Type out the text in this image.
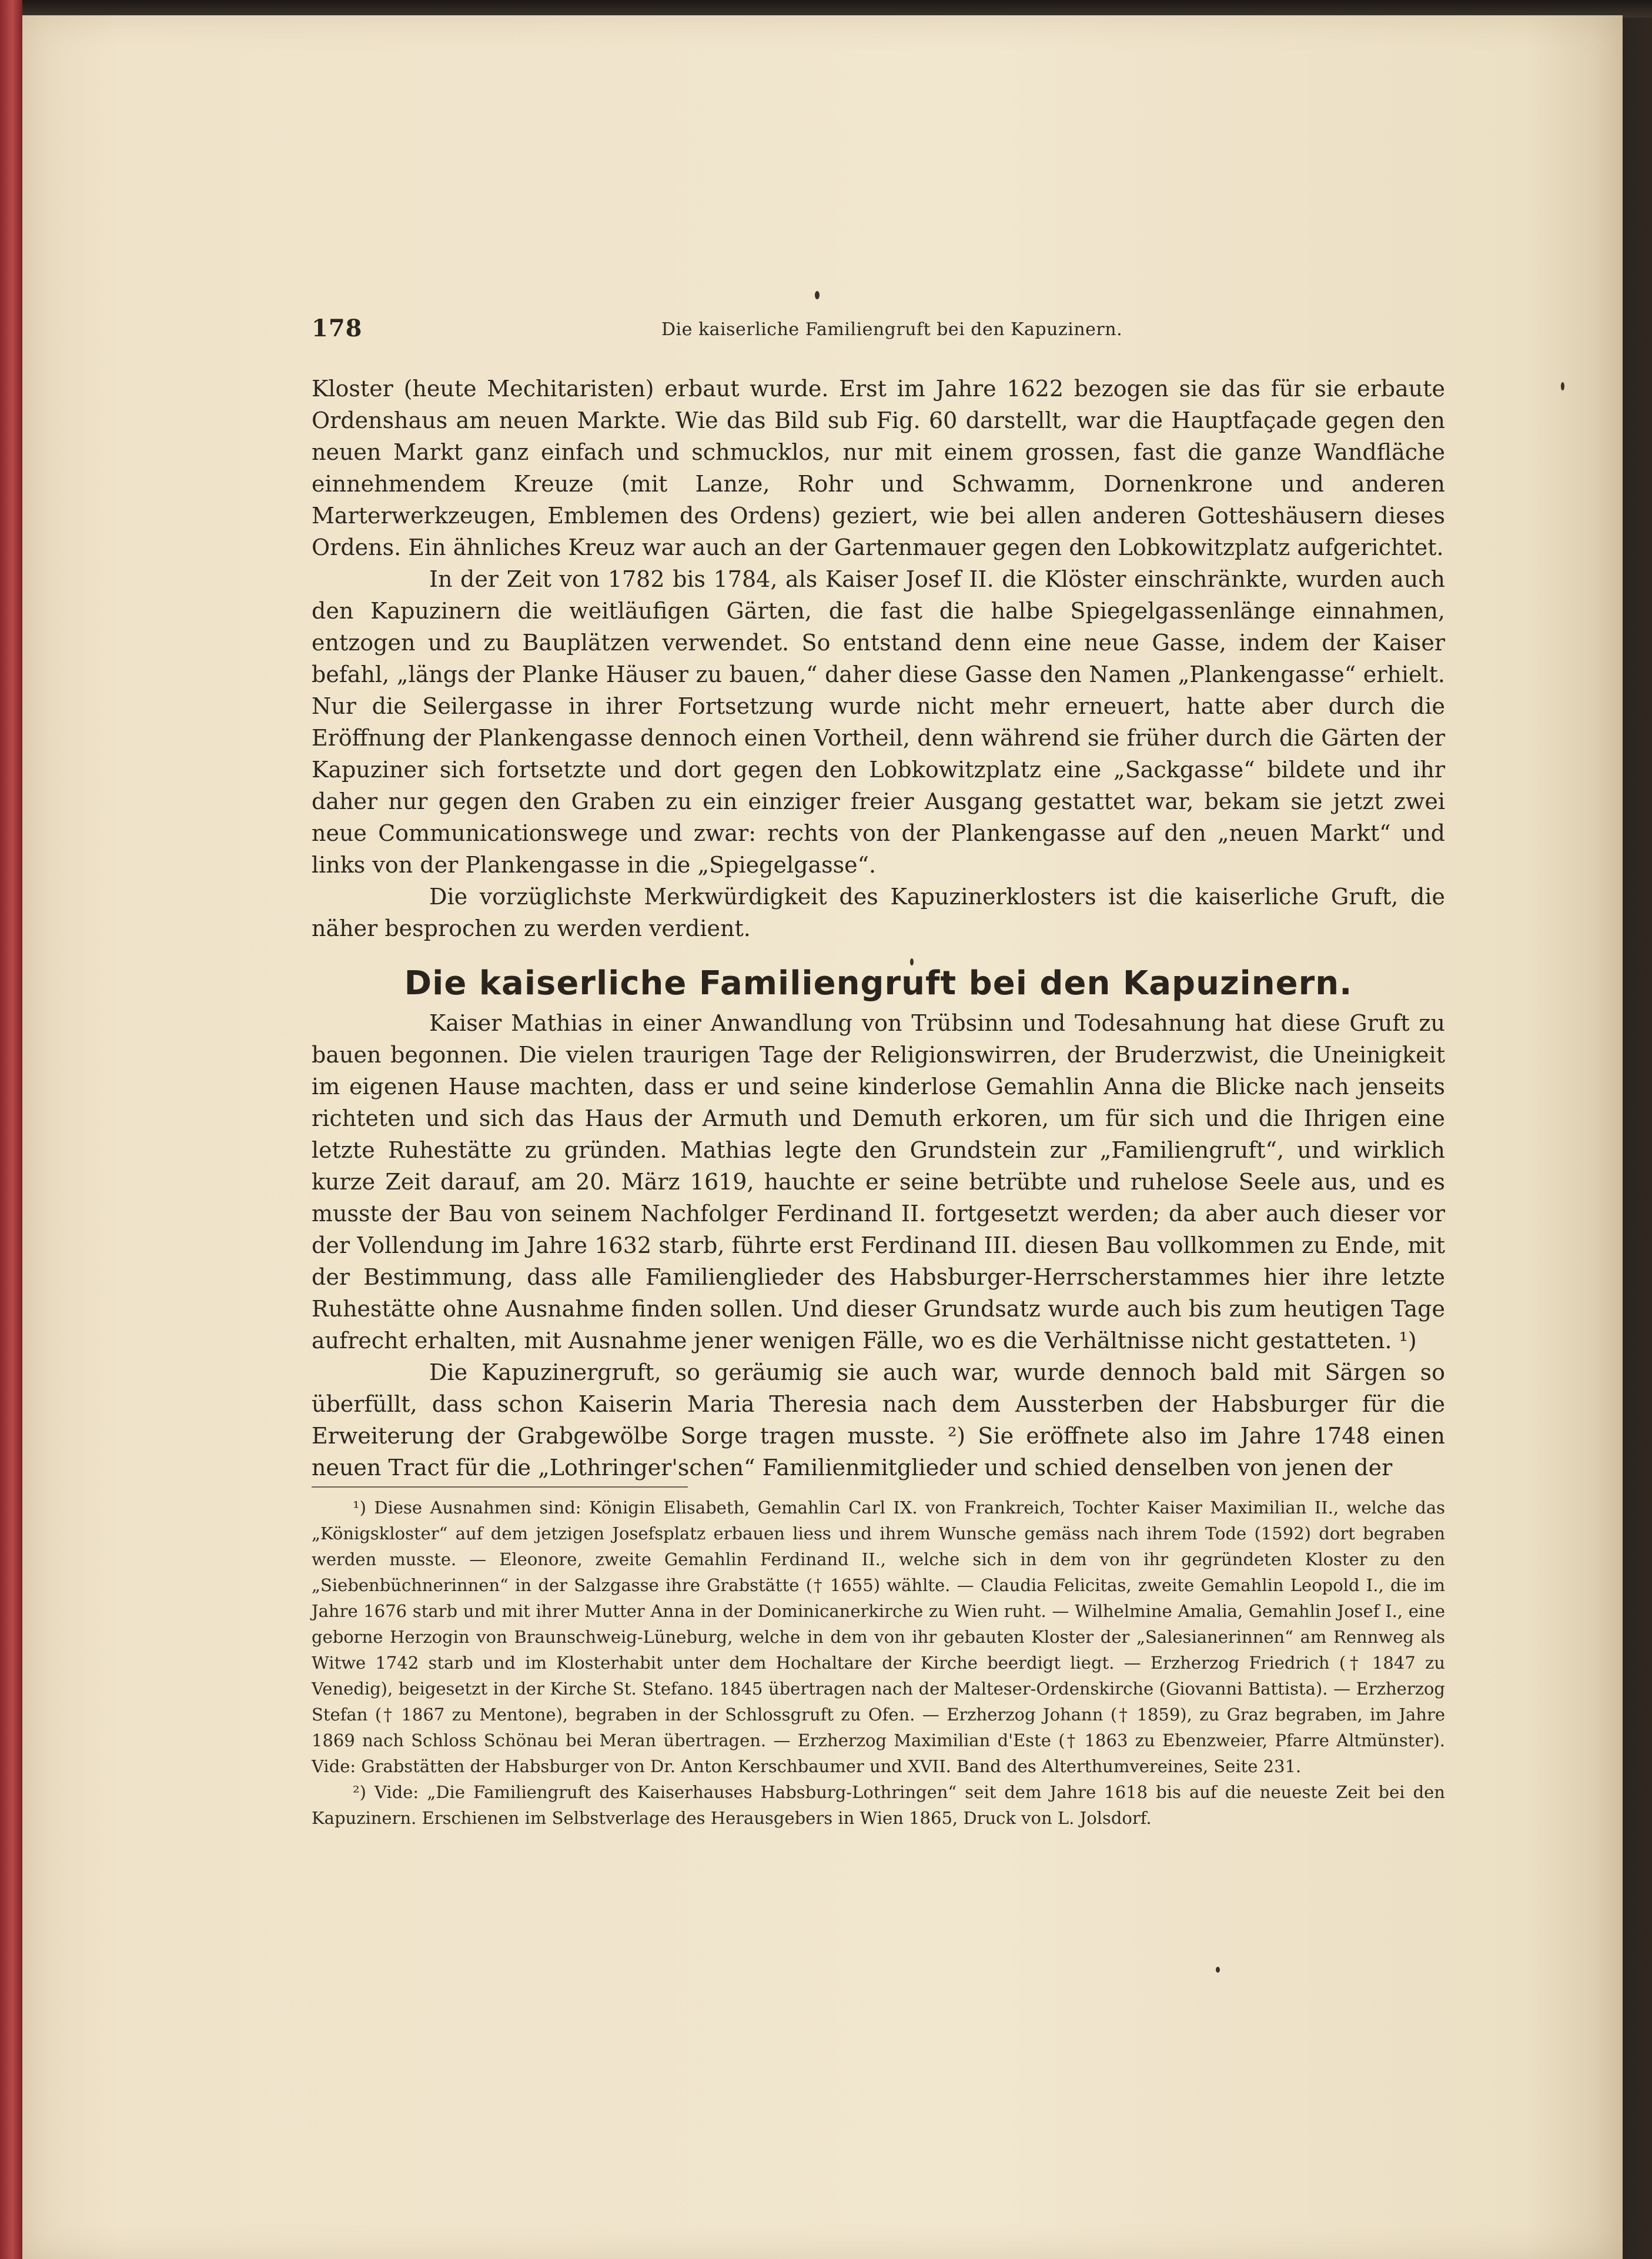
178	Die kaiserliche Familiengruft bei den Kapuzinern.

Kloster (heute Mechitaristen) erbaut wurde. Erst im Jahre 1622 bezogen sie das für sie erbaute Ordenshaus am neuen Markte. Wie das Bild sub Fig. 60 darstellt, war die Hauptfaçade gegen den neuen Markt ganz einfach und schmucklos, nur mit einem grossen, fast die ganze Wandfläche einnehmendem Kreuze (mit Lanze, Rohr und Schwamm, Dornenkrone und anderen Marterwerkzeugen, Emblemen des Ordens) geziert, wie bei allen anderen Gotteshäusern dieses Ordens. Ein ähnliches Kreuz war auch an der Gartenmauer gegen den Lobkowitzplatz aufgerichtet.

In der Zeit von 1782 bis 1784, als Kaiser Josef II. die Klöster einschränkte, wurden auch den Kapuzinern die weitläufigen Gärten, die fast die halbe Spiegelgassenlänge einnahmen, entzogen und zu Bauplätzen verwendet. So entstand denn eine neue Gasse, indem der Kaiser befahl, „längs der Planke Häuser zu bauen,“ daher diese Gasse den Namen „Plankengasse“ erhielt. Nur die Seilergasse in ihrer Fortsetzung wurde nicht mehr erneuert, hatte aber durch die Eröffnung der Plankengasse dennoch einen Vortheil, denn während sie früher durch die Gärten der Kapuziner sich fortsetzte und dort gegen den Lobkowitzplatz eine „Sackgasse“ bildete und ihr daher nur gegen den Graben zu ein einziger freier Ausgang gestattet war, bekam sie jetzt zwei neue Communicationswege und zwar: rechts von der Plankengasse auf den „neuen Markt“ und links von der Plankengasse in die „Spiegelgasse“.

Die vorzüglichste Merkwürdigkeit des Kapuzinerklosters ist die kaiserliche Gruft, die näher besprochen zu werden verdient.

Die kaiserliche Familiengruft bei den Kapuzinern.

Kaiser Mathias in einer Anwandlung von Trübsinn und Todesahnung hat diese Gruft zu bauen begonnen. Die vielen traurigen Tage der Religionswirren, der Bruderzwist, die Uneinigkeit im eigenen Hause machten, dass er und seine kinderlose Gemahlin Anna die Blicke nach jenseits richteten und sich das Haus der Armuth und Demuth erkoren, um für sich und die Ihrigen eine letzte Ruhestätte zu gründen. Mathias legte den Grundstein zur „Familiengruft“, und wirklich kurze Zeit darauf, am 20. März 1619, hauchte er seine betrübte und ruhelose Seele aus, und es musste der Bau von seinem Nachfolger Ferdinand II. fortgesetzt werden; da aber auch dieser vor der Vollendung im Jahre 1632 starb, führte erst Ferdinand III. diesen Bau vollkommen zu Ende, mit der Bestimmung, dass alle Familienglieder des Habsburger-Herrscherstammes hier ihre letzte Ruhestätte ohne Ausnahme finden sollen. Und dieser Grundsatz wurde auch bis zum heutigen Tage aufrecht erhalten, mit Ausnahme jener wenigen Fälle, wo es die Verhältnisse nicht gestatteten. ¹)

Die Kapuzinergruft, so geräumig sie auch war, wurde dennoch bald mit Särgen so überfüllt, dass schon Kaiserin Maria Theresia nach dem Aussterben der Habsburger für die Erweiterung der Grabgewölbe Sorge tragen musste. ²) Sie eröffnete also im Jahre 1748 einen neuen Tract für die „Lothringer'schen“ Familienmitglieder und schied denselben von jenen der

¹) Diese Ausnahmen sind: Königin Elisabeth, Gemahlin Carl IX. von Frankreich, Tochter Kaiser Maximilian II., welche das „Königskloster“ auf dem jetzigen Josefsplatz erbauen liess und ihrem Wunsche gemäss nach ihrem Tode (1592) dort begraben werden musste. — Eleonore, zweite Gemahlin Ferdinand II., welche sich in dem von ihr gegründeten Kloster zu den „Siebenbüchnerinnen“ in der Salzgasse ihre Grabstätte († 1655) wählte. — Claudia Felicitas, zweite Gemahlin Leopold I., die im Jahre 1676 starb und mit ihrer Mutter Anna in der Dominicanerkirche zu Wien ruht. — Wilhelmine Amalia, Gemahlin Josef I., eine geborne Herzogin von Braunschweig-Lüneburg, welche in dem von ihr gebauten Kloster der „Salesianerinnen“ am Rennweg als Witwe 1742 starb und im Klosterhabit unter dem Hochaltare der Kirche beerdigt liegt. — Erzherzog Friedrich († 1847 zu Venedig), beigesetzt in der Kirche St. Stefano. 1845 übertragen nach der Malteser-Ordenskirche (Giovanni Battista). — Erzherzog Stefan († 1867 zu Mentone), begraben in der Schlossgruft zu Ofen. — Erzherzog Johann († 1859), zu Graz begraben, im Jahre 1869 nach Schloss Schönau bei Meran übertragen. — Erzherzog Maximilian d'Este († 1863 zu Ebenzweier, Pfarre Altmünster). Vide: Grabstätten der Habsburger von Dr. Anton Kerschbaumer und XVII. Band des Alterthumvereines, Seite 231.

²) Vide: „Die Familiengruft des Kaiserhauses Habsburg-Lothringen“ seit dem Jahre 1618 bis auf die neueste Zeit bei den Kapuzinern. Erschienen im Selbstverlage des Herausgebers in Wien 1865, Druck von L. Jolsdorf.
